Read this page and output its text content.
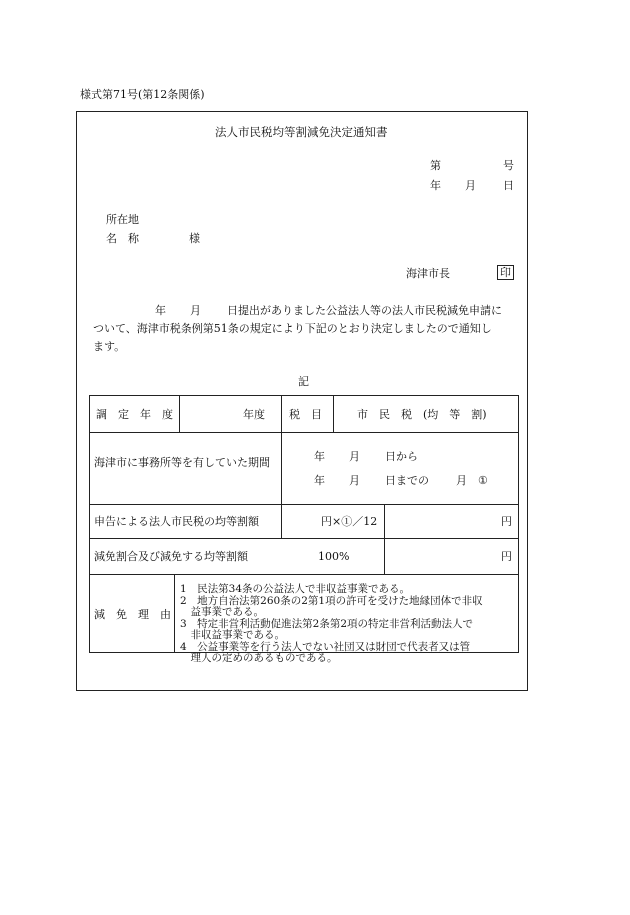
様式第71号(第12条関係)
法人市民税均等割減免決定通知書
第	号
年 月 日
所在地
名　称	様
海津市長	印
年 月 日提出がありました公益法人等の法人市民税減免申請に
ついて、海津市税条例第51条の規定により下記のとおり決定しましたので通知し
ます。
記
調　定　年　度	年度 税　目	市　民　税　(均　等　割)
海津市に事務所等を有していた期間	年 月 日から
年 月 日までの 月 ①
申告による法人市民税の均等割額	円×①／12	円
減免割合及び減免する均等割額	100%	円
減　免　理　由
1　民法第34条の公益法人で非収益事業である。
2　地方自治法第260条の2第1項の許可を受けた地縁団体で非収
　益事業である。
3　特定非営利活動促進法第2条第2項の特定非営利活動法人で
　非収益事業である。
4　公益事業等を行う法人でない社団又は財団で代表者又は管
　理人の定めのあるものである。
